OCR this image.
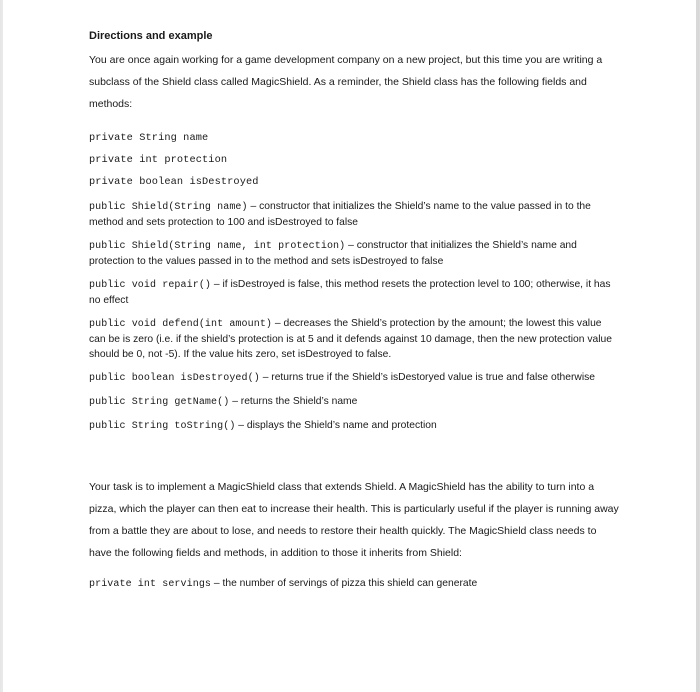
Directions and example

You are once again working for a game development company on a new project, but this time you are writing a subclass of the Shield class called MagicShield. As a reminder, the Shield class has the following fields and methods:

private String name
private int protection
private boolean isDestroyed
public Shield(String name) – constructor that initializes the Shield’s name to the value passed in to the method and sets protection to 100 and isDestroyed to false
public Shield(String name, int protection) – constructor that initializes the Shield’s name and protection to the values passed in to the method and sets isDestroyed to false
public void repair() – if isDestroyed is false, this method resets the protection level to 100; otherwise, it has no effect
public void defend(int amount) – decreases the Shield’s protection by the amount; the lowest this value can be is zero (i.e. if the shield’s protection is at 5 and it defends against 10 damage, then the new protection value should be 0, not -5). If the value hits zero, set isDestroyed to false.
public boolean isDestroyed() – returns true if the Shield’s isDestoryed value is true and false otherwise
public String getName() – returns the Shield’s name
public String toString() – displays the Shield’s name and protection

Your task is to implement a MagicShield class that extends Shield. A MagicShield has the ability to turn into a pizza, which the player can then eat to increase their health. This is particularly useful if the player is running away from a battle they are about to lose, and needs to restore their health quickly. The MagicShield class needs to have the following fields and methods, in addition to those it inherits from Shield:

private int servings – the number of servings of pizza this shield can generate
